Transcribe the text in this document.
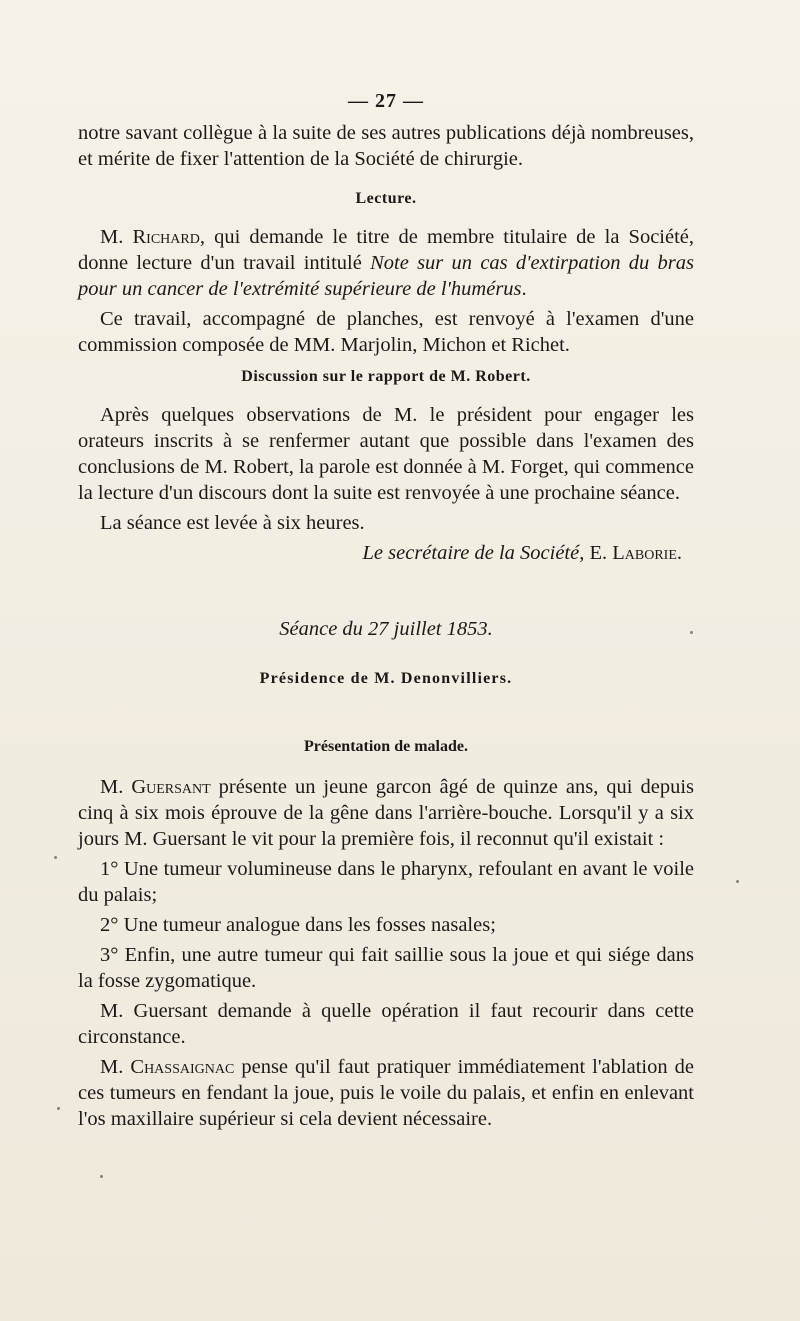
— 27 —

notre savant collègue à la suite de ses autres publications déjà nombreuses, et mérite de fixer l'attention de la Société de chirurgie.

Lecture.

M. Richard, qui demande le titre de membre titulaire de la Société, donne lecture d'un travail intitulé Note sur un cas d'extirpation du bras pour un cancer de l'extrémité supérieure de l'humérus.

Ce travail, accompagné de planches, est renvoyé à l'examen d'une commission composée de MM. Marjolin, Michon et Richet.

Discussion sur le rapport de M. Robert.

Après quelques observations de M. le président pour engager les orateurs inscrits à se renfermer autant que possible dans l'examen des conclusions de M. Robert, la parole est donnée à M. Forget, qui commence la lecture d'un discours dont la suite est renvoyée à une prochaine séance.

La séance est levée à six heures.

Le secrétaire de la Société, E. Laborie.
Séance du 27 juillet 1853.
Présidence de M. Denonvilliers.
Présentation de malade.

M. Guersant présente un jeune garcon âgé de quinze ans, qui depuis cinq à six mois éprouve de la gêne dans l'arrière-bouche. Lorsqu'il y a six jours M. Guersant le vit pour la première fois, il reconnut qu'il existait :

1° Une tumeur volumineuse dans le pharynx, refoulant en avant le voile du palais;

2° Une tumeur analogue dans les fosses nasales;

3° Enfin, une autre tumeur qui fait saillie sous la joue et qui siége dans la fosse zygomatique.

M. Guersant demande à quelle opération il faut recourir dans cette circonstance.

M. Chassaignac pense qu'il faut pratiquer immédiatement l'ablation de ces tumeurs en fendant la joue, puis le voile du palais, et enfin en enlevant l'os maxillaire supérieur si cela devient nécessaire.
